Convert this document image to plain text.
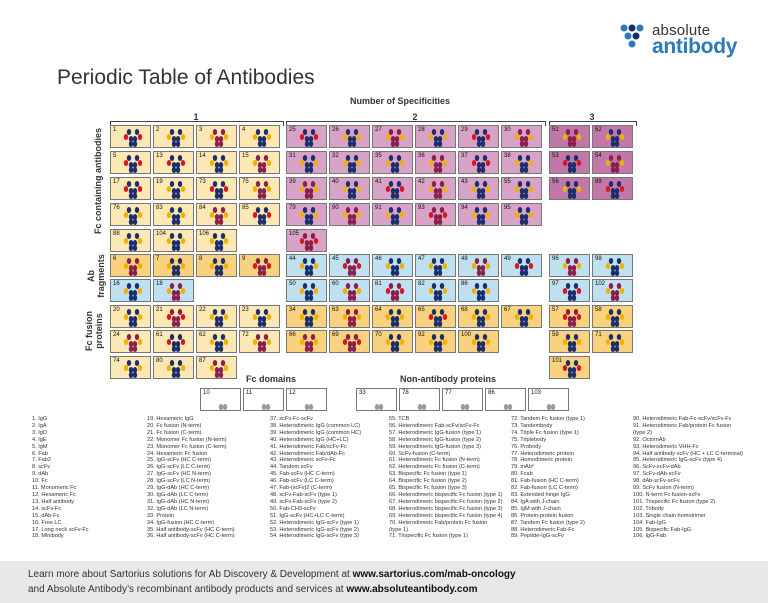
absolute
antibody
Periodic Table of Antibodies
Number of Specificities
1	2	3
Fc containing antibodies
Ab fragments
Fc fusion proteins
1	2	3	4	25	26	27	28	29	30	51	52
5	13	14	15	31	32	35	36	37	38	53	54
17	19	73	75	39	40	41	42	43	55	56	89
76	83	84	85	79	90	91	93	94	95
88	104	106	105
6	7	8	9	44	45	46	47	48	49	96	98
16	18	50	60	81	82	86	97	102
20	21	22	23	34	63	64	65	68	67	57	58
24	61	62	72	66	69	70	92	100	59	71
74	80	87	101
10	11	12	33	78	77	86	103
Fc domains	Non-antibody proteins
1. IgG
2. IgA
3. IgD
4. IgE
5. IgM
6. Fab
7. Fab2
8. scFv
9. dAb
10. Fc
11. Monomeric Fc
12. Hexameric Fc
13. Half antibody
14. scFv-Fc
15. dAb-Fc
16. Free LC
17. Long neck scFv-Fc
18. Minibody
19. Hexameric IgG
20. Fc fusion (N-term)
21. Fc fusion (C-term)
22. Monomer Fc fusion (N-term)
23. Monomer Fc fusion (C-term)
24. Hexameric Fc fusion
25. IgG-scFv (HC C-term)
26. IgG-scFv (LC C-term)
27. IgG-scFv (HC N-term)
28. IgG-scFv (LC N-term)
29. IgG-dAb (HC C-term)
30. IgG-dAb (LC C-term)
31. IgG-dAb (HC N-term)
32. IgG-dAb (LC N-term)
33. Protein
34. IgG-fusion (HC C-term)
35. Half antibody-scFv (HC C-term)
36. Half antibody-scFv (HC C-term)
37. scFv-Fc-scFv
38. Heterodimeric IgG (common LC)
39. Heterodimeric IgG (common HC)
40. Heterodimeric IgG (HC+LC)
41. Heterodimeric Fab/scFv-Fc
42. Heterodimeric Fab/dAb-Fc
43. Heterodimeric scFv-Fc
44. Tandem scFv
45. Fab-scFv (HC C-term)
46. Fab-scFv (LC C-term)
47. Fab-(scFv)2 (C-term)
48. scFv-Fab-scFv (type 1)
49. scFv-Fab-scFv (type 2)
50. Fab-CH3-scFv
51. IgG-scFv (HC+LC C-term)
52. Heterodimeric IgG-scFv (type 1)
53. Heterodimeric IgG-scFv (type 2)
54. Heterodimeric IgG-scFv (type 3)
55. TCB
56. Heterodimeric Fab-scFv/scFv-Fc
57. Heterodimeric IgG-fusion (type 1)
58. Heterodimeric IgG-fusion (type 2)
59. Heterodimeric IgG-fusion (type 3)
60. ScFv-fusion (C-term)
61. Heterodimeric Fc fusion (N-term)
62. Heterodimeric Fc fusion (C-term)
63. Bispecific Fc fusion (type 1)
64. Bispecific Fc fusion (type 2)
65. Bispecific Fc fusion (type 3)
66. Heterodimeric bispecific Fc fusion (type 1)
67. Heterodimeric bispecific Fc fusion (type 2)
68. Heterodimeric bispecific Fc fusion (type 3)
69. Heterodimeric bispecific Fc fusion (type 4)
70. Heterodimeric Fab/protein Fc fusion
(type 1)
71. Trispecific Fc fusion (type 1)
72. Tandem Fc fusion (type 1)
73. Tandembody
74. Triple Fc fusion (type 1)
75. Triplebody
76. Probody
77. Heterodimeric protein
78. Homodimeric protein
79. mAb²
80. Fcab
81. Fab-fusion (HC C-term)
82. Fab-fusion (LC C-term)
83. Extended hinge IgG
84. IgA with J-chain
85. IgM with J-chain
86. Protein-protein fusion
87. Tandem Fc fusion (type 2)
88. Heterodimeric Fab-Fc
89. Peptide-IgG-scFv
90. Heterodimeric Fab-Fc-scFv/scFv-Fc
91. Heterodimeric Fab/protein Fc fusion
(type 2)
92. OctomAb
93. Heterodimeric VHH-Fc
94. Half antibody-scFv (HC + LC C-terminal)
95. Heterodimeric IgG-scFv (type 4)
96. ScFv-scFv-dAb
97. ScFv-dAb-scFv
98. dAb-scFv-scFv
99. ScFv fusion (N-term)
100. N-term Fc fusion-scFv
101. Trispecific Fc fusion (type 2)
102. Tribody
103. Single chain homotrimer
104. Fab-IgG
105. Bispecific Fab-IgG
106. IgG-Fab
Learn more about Sartorius solutions for Ab Discovery & Development at www.sartorius.com/mab-oncology
and Absolute Antibody’s recombinant antibody products and services at www.absoluteantibody.com
